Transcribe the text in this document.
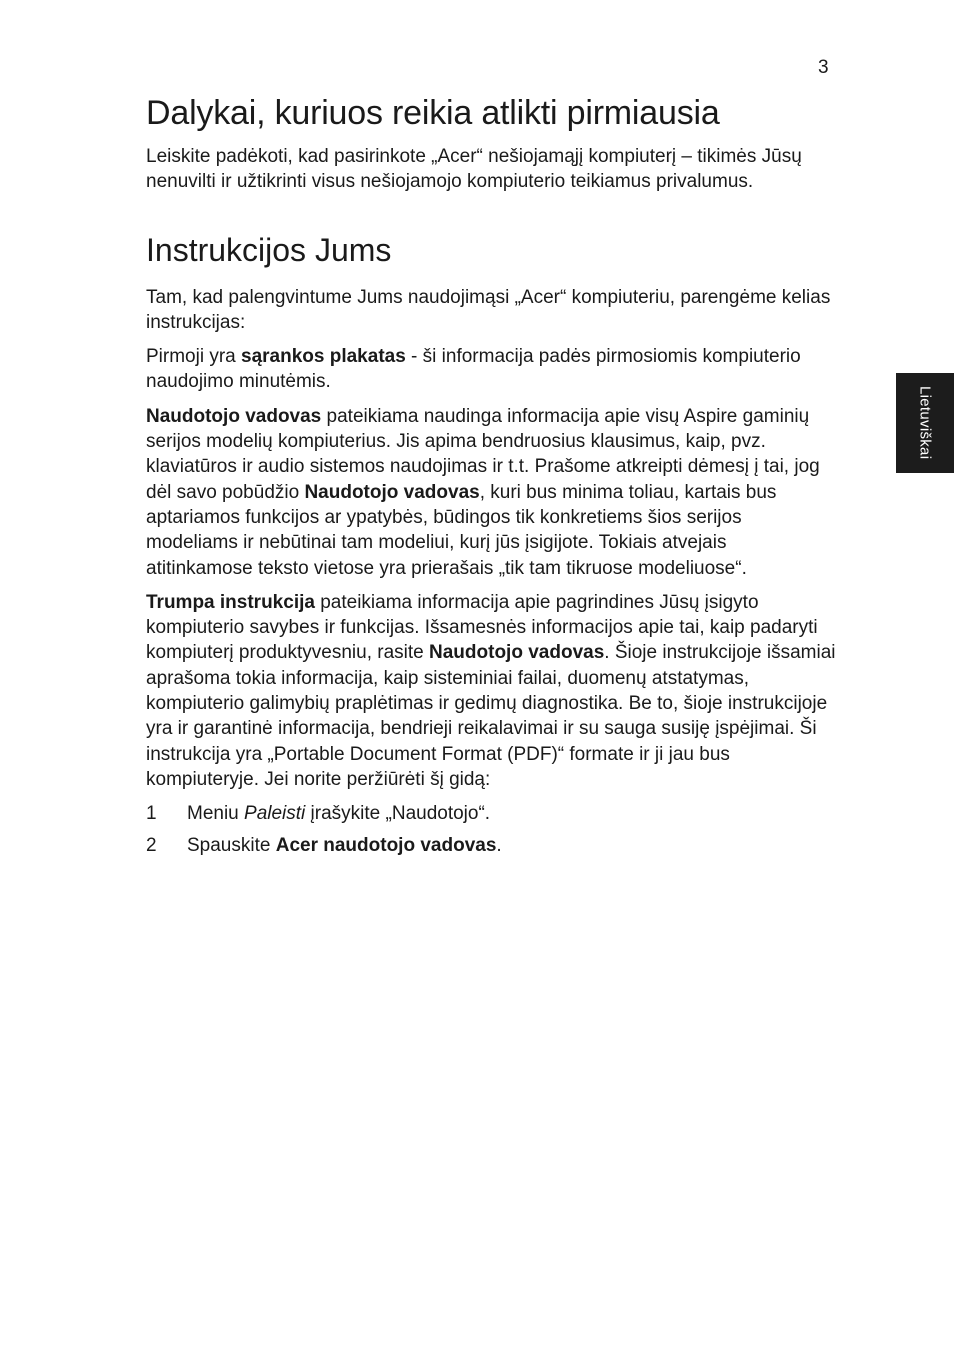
3
Lietuviškai
Dalykai, kuriuos reikia atlikti pirmiausia

Leiskite padėkoti, kad pasirinkote „Acer“ nešiojamąjį kompiuterį – tikimės Jūsų nenuvilti ir užtikrinti visus nešiojamojo kompiuterio teikiamus privalumus.

Instrukcijos Jums

Tam, kad palengvintume Jums naudojimąsi „Acer“ kompiuteriu, parengėme kelias instrukcijas:

Pirmoji yra sąrankos plakatas - ši informacija padės pirmosiomis kompiuterio naudojimo minutėmis.

Naudotojo vadovas pateikiama naudinga informacija apie visų Aspire gaminių serijos modelių kompiuterius. Jis apima bendruosius klausimus, kaip, pvz. klaviatūros ir audio sistemos naudojimas ir t.t. Prašome atkreipti dėmesį į tai, jog dėl savo pobūdžio Naudotojo vadovas, kuri bus minima toliau, kartais bus aptariamos funkcijos ar ypatybės, būdingos tik konkretiems šios serijos modeliams ir nebūtinai tam modeliui, kurį jūs įsigijote. Tokiais atvejais atitinkamose teksto vietose yra prierašais „tik tam tikruose modeliuose“.

Trumpa instrukcija pateikiama informacija apie pagrindines Jūsų įsigyto kompiuterio savybes ir funkcijas. Išsamesnės informacijos apie tai, kaip padaryti kompiuterį produktyvesniu, rasite Naudotojo vadovas. Šioje instrukcijoje išsamiai aprašoma tokia informacija, kaip sisteminiai failai, duomenų atstatymas, kompiuterio galimybių praplėtimas ir gedimų diagnostika. Be to, šioje instrukcijoje yra ir garantinė informacija, bendrieji reikalavimai ir su sauga susiję įspėjimai. Ši instrukcija yra „Portable Document Format (PDF)“ formate ir ji jau bus kompiuteryje. Jei norite peržiūrėti šį gidą:

1	Meniu Paleisti įrašykite „Naudotojo“.
2	Spauskite Acer naudotojo vadovas.
